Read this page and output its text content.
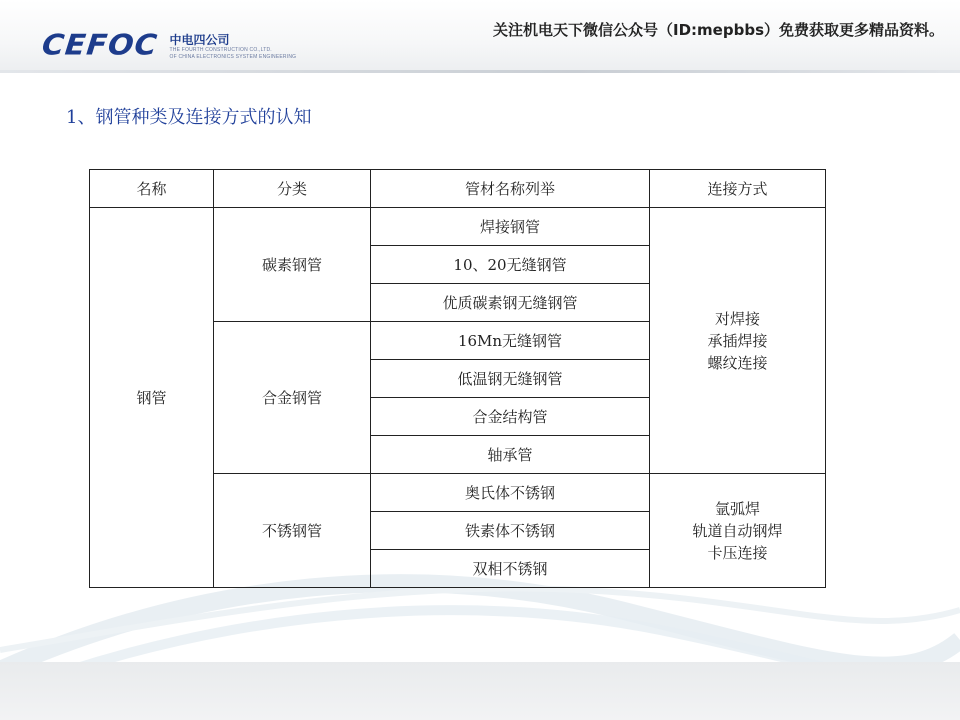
CEFOC 中电四公司
THE FOURTH CONSTRUCTION CO.,LTD.
OF CHINA ELECTRONICS SYSTEM ENGINEERING
关注机电天下微信公众号（ID:mepbbs）免费获取更多精品资料。
1、钢管种类及连接方式的认知
名称	分类	管材名称列举	连接方式
钢管	碳素钢管	焊接钢管	对焊接
承插焊接
螺纹连接

		10、20无缝钢管	
		优质碳素钢无缝钢管	
	合金钢管	16Mn无缝钢管	
		低温钢无缝钢管	
		合金结构管	
		轴承管	
	不锈钢管	奥氏体不锈钢	氩弧焊
轨道自动钢焊
卡压连接

		铁素体不锈钢	
		双相不锈钢	
